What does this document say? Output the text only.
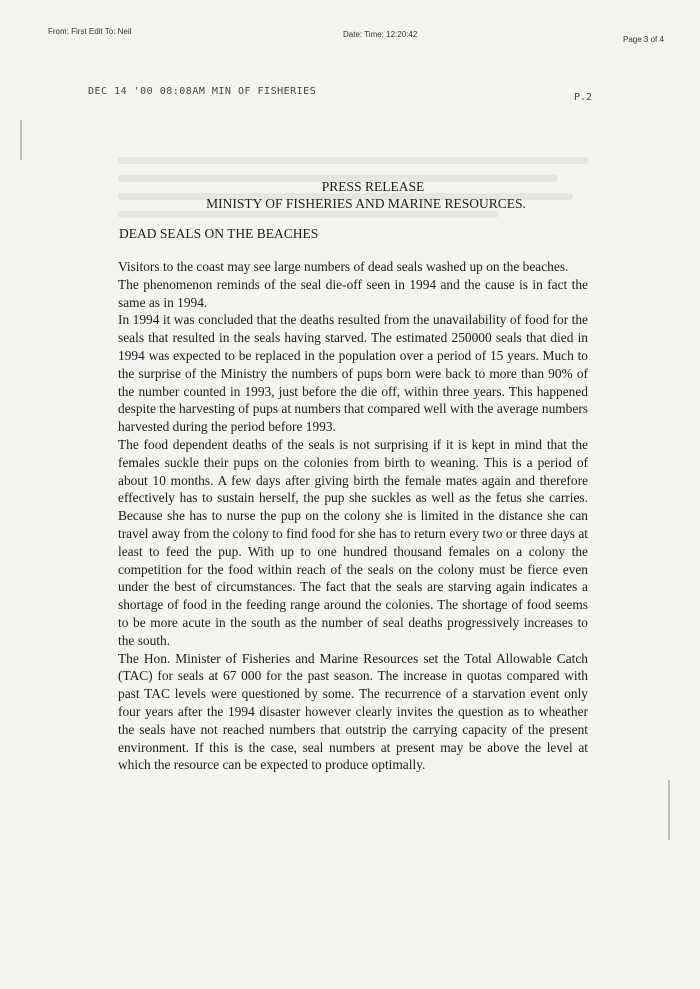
From: First Edit To: Neil	Date: Time: 12:20:42
Page 3 of 4
DEC 14 '00 08:08AM MIN OF FISHERIES
P.2
PRESS RELEASE
MINISTY OF FISHERIES AND MARINE RESOURCES.
DEAD SEALS ON THE BEACHES

Visitors to the coast may see large numbers of dead seals washed up on the beaches.

The phenomenon reminds of the seal die-off seen in 1994 and the cause is in fact the same as in 1994.

In 1994 it was concluded that the deaths resulted from the unavailability of food for the seals that resulted in the seals having starved. The estimated 250000 seals that died in 1994 was expected to be replaced in the population over a period of 15 years. Much to the surprise of the Ministry the numbers of pups born were back to more than 90% of the number counted in 1993, just before the die off, within three years. This happened despite the harvesting of pups at numbers that compared well with the average numbers harvested during the period before 1993.

The food dependent deaths of the seals is not surprising if it is kept in mind that the females suckle their pups on the colonies from birth to weaning. This is a period of about 10 months. A few days after giving birth the female mates again and therefore effectively has to sustain herself, the pup she suckles as well as the fetus she carries. Because she has to nurse the pup on the colony she is limited in the distance she can travel away from the colony to find food for she has to return every two or three days at least to feed the pup. With up to one hundred thousand females on a colony the competition for the food within reach of the seals on the colony must be fierce even under the best of circumstances. The fact that the seals are starving again indicates a shortage of food in the feeding range around the colonies. The shortage of food seems to be more acute in the south as the number of seal deaths progressively increases to the south.

The Hon. Minister of Fisheries and Marine Resources set the Total Allowable Catch (TAC) for seals at 67 000 for the past season. The increase in quotas compared with past TAC levels were questioned by some. The recurrence of a starvation event only four years after the 1994 disaster however clearly invites the question as to wheather the seals have not reached numbers that outstrip the carrying capacity of the present environment. If this is the case, seal numbers at present may be above the level at which the resource can be expected to produce optimally.
